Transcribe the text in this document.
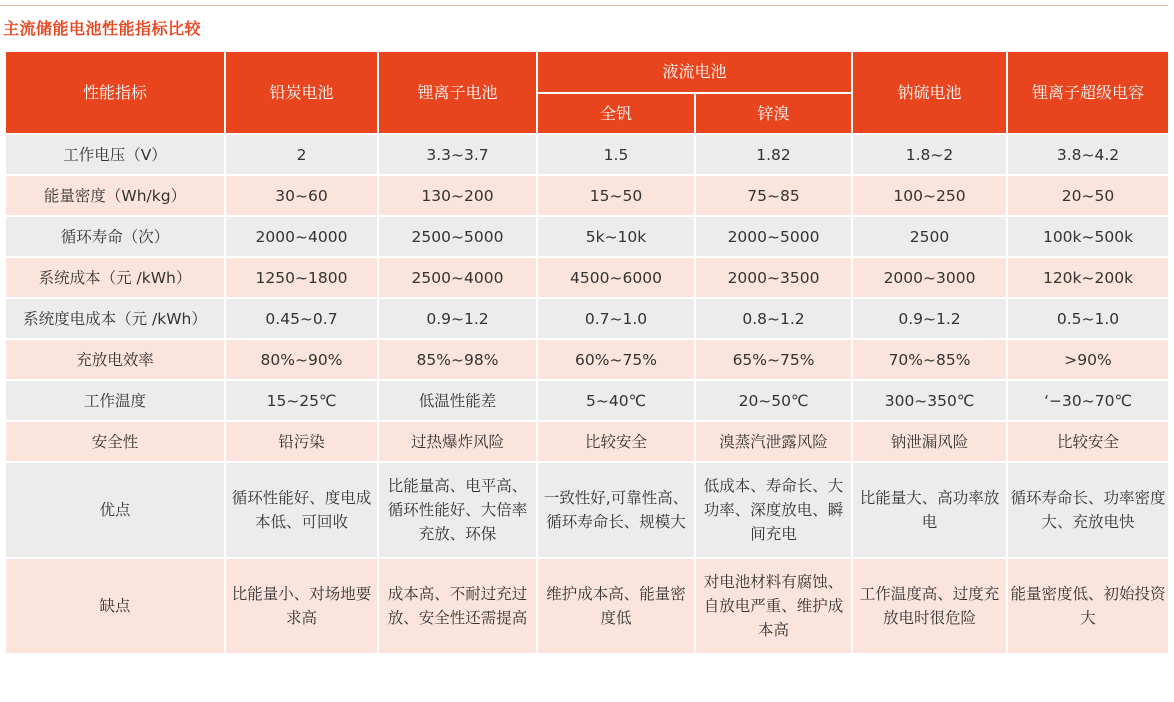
主流储能电池性能指标比较
性能指标	铅炭电池	锂离子电池	液流电池		钠硫电池	锂离子超级电容
			全钒	锌溴		
工作电压（V）	2	3.3~3.7	1.5	1.82	1.8~2	3.8~4.2
能量密度（Wh/kg）	30~60	130~200	15~50	75~85	100~250	20~50
循环寿命（次）	2000~4000	2500~5000	5k~10k	2000~5000	2500	100k~500k
系统成本（元 /kWh）	1250~1800	2500~4000	4500~6000	2000~3500	2000~3000	120k~200k
系统度电成本（元 /kWh）	0.45~0.7	0.9~1.2	0.7~1.0	0.8~1.2	0.9~1.2	0.5~1.0
充放电效率	80%~90%	85%~98%	60%~75%	65%~75%	70%~85%	>90%
工作温度	15~25℃	低温性能差	5~40℃	20~50℃	300~350℃	‘−30~70℃
安全性	铅污染	过热爆炸风险	比较安全	溴蒸汽泄露风险	钠泄漏风险	比较安全
优点	循环性能好、度电成本低、可回收	比能量高、电平高、循环性能好、大倍率充放、环保	一致性好,可靠性高、循环寿命长、规模大	低成本、寿命长、大功率、深度放电、瞬间充电	比能量大、高功率放电	循环寿命长、功率密度大、充放电快
缺点	比能量小、对场地要求高	成本高、不耐过充过放、安全性还需提高	维护成本高、能量密度低	对电池材料有腐蚀、自放电严重、维护成本高	工作温度高、过度充放电时很危险	能量密度低、初始投资大
